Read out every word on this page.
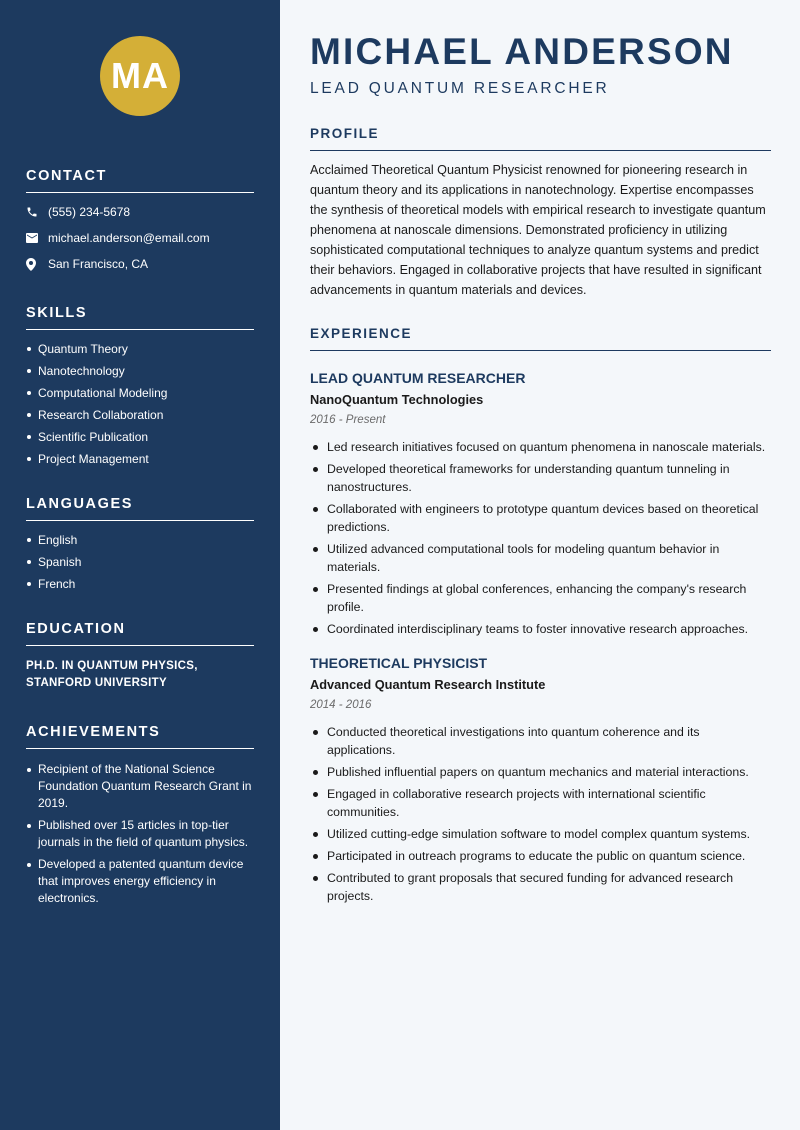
MA
CONTACT
(555) 234-5678
michael.anderson@email.com
San Francisco, CA
SKILLS
Quantum Theory
Nanotechnology
Computational Modeling
Research Collaboration
Scientific Publication
Project Management
LANGUAGES
English
Spanish
French
EDUCATION
PH.D. IN QUANTUM PHYSICS, STANFORD UNIVERSITY
ACHIEVEMENTS
Recipient of the National Science Foundation Quantum Research Grant in 2019.
Published over 15 articles in top-tier journals in the field of quantum physics.
Developed a patented quantum device that improves energy efficiency in electronics.
MICHAEL ANDERSON
LEAD QUANTUM RESEARCHER
PROFILE

Acclaimed Theoretical Quantum Physicist renowned for pioneering research in quantum theory and its applications in nanotechnology. Expertise encompasses the synthesis of theoretical models with empirical research to investigate quantum phenomena at nanoscale dimensions. Demonstrated proficiency in utilizing sophisticated computational techniques to analyze quantum systems and predict their behaviors. Engaged in collaborative projects that have resulted in significant advancements in quantum materials and devices.

EXPERIENCE
LEAD QUANTUM RESEARCHER
NanoQuantum Technologies
2016 - Present
Led research initiatives focused on quantum phenomena in nanoscale materials.
Developed theoretical frameworks for understanding quantum tunneling in nanostructures.
Collaborated with engineers to prototype quantum devices based on theoretical predictions.
Utilized advanced computational tools for modeling quantum behavior in materials.
Presented findings at global conferences, enhancing the company's research profile.
Coordinated interdisciplinary teams to foster innovative research approaches.
THEORETICAL PHYSICIST
Advanced Quantum Research Institute
2014 - 2016
Conducted theoretical investigations into quantum coherence and its applications.
Published influential papers on quantum mechanics and material interactions.
Engaged in collaborative research projects with international scientific communities.
Utilized cutting-edge simulation software to model complex quantum systems.
Participated in outreach programs to educate the public on quantum science.
Contributed to grant proposals that secured funding for advanced research projects.
